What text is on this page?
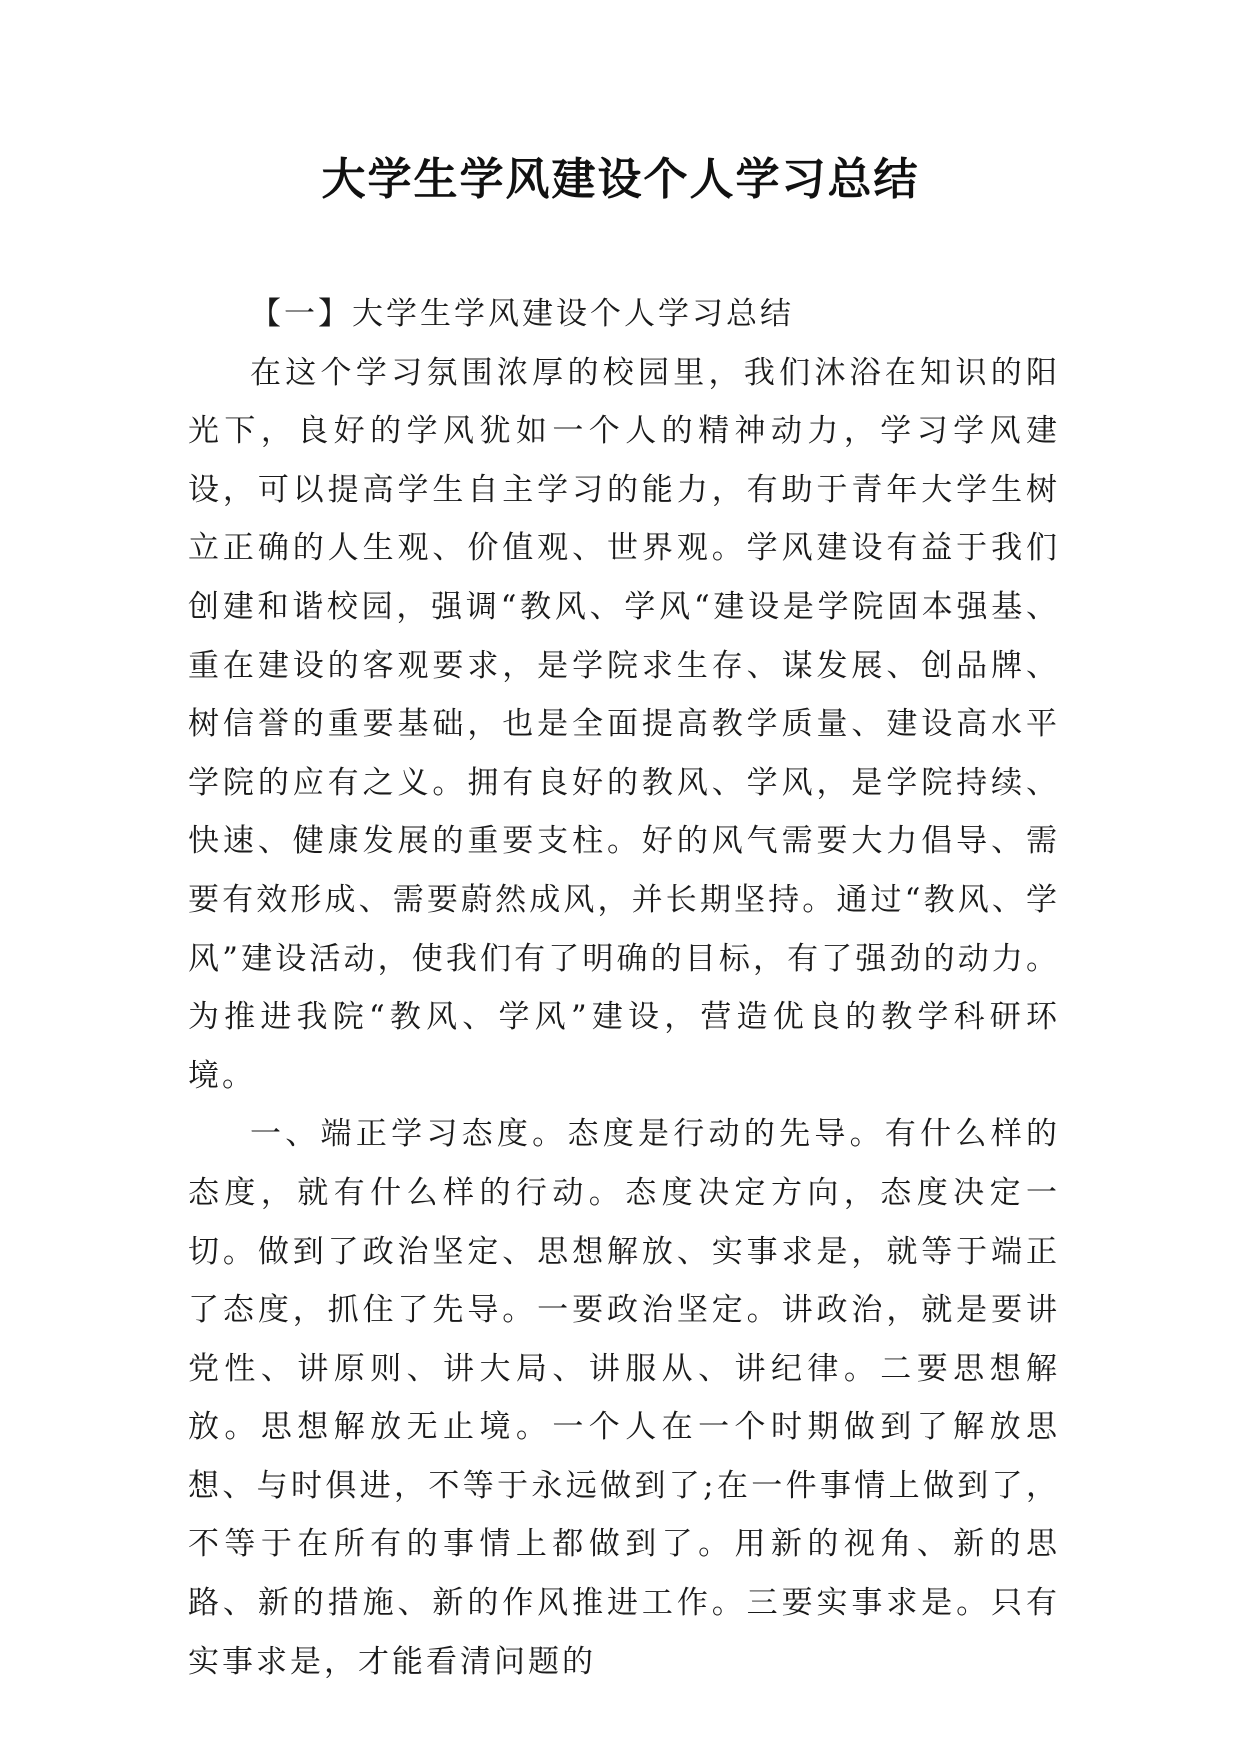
大学生学风建设个人学习总结

【一】大学生学风建设个人学习总结

在这个学习氛围浓厚的校园里，我们沐浴在知识的阳光下，良好的学风犹如一个人的精神动力，学习学风建设，可以提高学生自主学习的能力，有助于青年大学生树立正确的人生观、价值观、世界观。学风建设有益于我们创建和谐校园，强调“教风、学风“建设是学院固本强基、重在建设的客观要求，是学院求生存、谋发展、创品牌、树信誉的重要基础，也是全面提高教学质量、建设高水平学院的应有之义。拥有良好的教风、学风，是学院持续、快速、健康发展的重要支柱。好的风气需要大力倡导、需要有效形成、需要蔚然成风，并长期坚持。通过“教风、学风”建设活动，使我们有了明确的目标，有了强劲的动力。为推进我院“教风、学风”建设，营造优良的教学科研环境。

一、端正学习态度。态度是行动的先导。有什么样的态度，就有什么样的行动。态度决定方向，态度决定一切。做到了政治坚定、思想解放、实事求是，就等于端正了态度，抓住了先导。一要政治坚定。讲政治，就是要讲党性、讲原则、讲大局、讲服从、讲纪律。二要思想解放。思想解放无止境。一个人在一个时期做到了解放思想、与时俱进，不等于永远做到了;在一件事情上做到了，不等于在所有的事情上都做到了。用新的视角、新的思路、新的措施、新的作风推进工作。三要实事求是。只有实事求是，才能看清问题的
